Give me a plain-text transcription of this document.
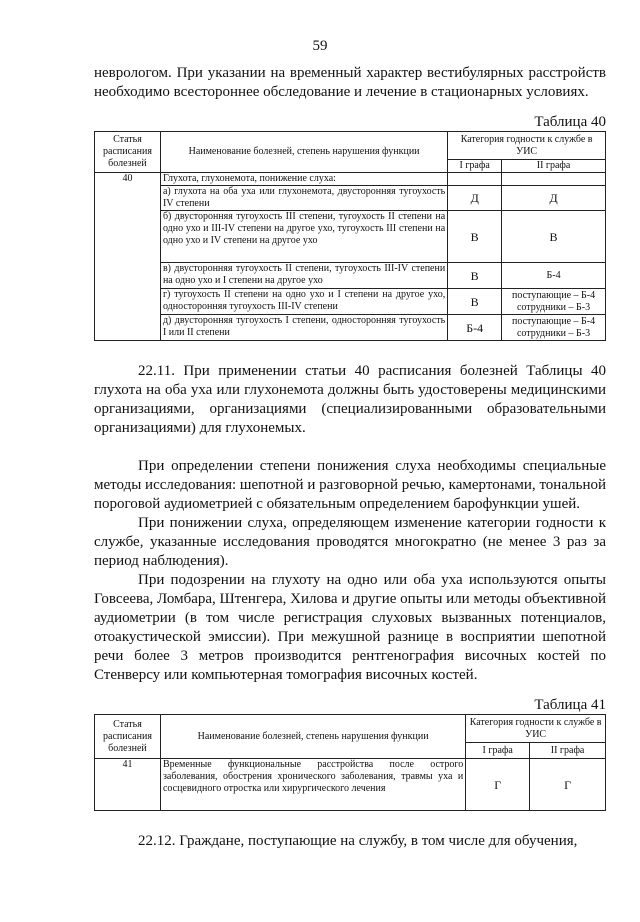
59

неврологом. При указании на временный характер вестибулярных расстройств необходимо всестороннее обследование и лечение в стационарных условиях.

Таблица 40
Статья расписания болезней	Наименование болезней, степень нарушения функции	Категория годности к службе в УИС	
		I графа	II графа
40	Глухота, глухонемота, понижение слуха:		
	а) глухота на оба уха или глухонемота, двусторонняя тугоухость IV степени	Д	Д
	б) двусторонняя тугоухость III степени, тугоухость II степени на одно ухо и III-IV степени на другое ухо, тугоухость III степени на одно ухо и IV степени на другое ухо	В	В
	в) двусторонняя тугоухость II степени, тугоухость III-IV степени на одно ухо и I степени на другое ухо	В	Б-4
	г) тугоухость II степени на одно ухо и I степени на другое ухо, односторонняя тугоухость III-IV степени	В	поступающие – Б-4
сотрудники – Б-3

	д) двусторонняя тугоухость I степени, односторонняя тугоухость I или II степени	Б-4	поступающие – Б-4
сотрудники – Б-3

22.11. При применении статьи 40 расписания болезней Таблицы 40 глухота на оба уха или глухонемота должны быть удостоверены медицинскими организациями, организациями (специализированными образовательными организациями) для глухонемых.

При определении степени понижения слуха необходимы специальные методы исследования: шепотной и разговорной речью, камертонами, тональной пороговой аудиометрией с обязательным определением барофункции ушей.

При понижении слуха, определяющем изменение категории годности к службе, указанные исследования проводятся многократно (не менее 3 раз за период наблюдения).

При подозрении на глухоту на одно или оба уха используются опыты Говсеева, Ломбара, Штенгера, Хилова и другие опыты или методы объективной аудиометрии (в том числе регистрация слуховых вызванных потенциалов, отоакустической эмиссии). При межушной разнице в восприятии шепотной речи более 3 метров производится рентгенография височных костей по Стенверсу или компьютерная томография височных костей.

Таблица 41
Статья расписания болезней	Наименование болезней, степень нарушения функции	Категория годности к службе в УИС	
		I графа	II графа
41	Временные функциональные расстройства после острого заболевания, обострения хронического заболевания, травмы уха и сосцевидного отростка или хирургического лечения	Г	Г

22.12. Граждане, поступающие на службу, в том числе для обучения,
